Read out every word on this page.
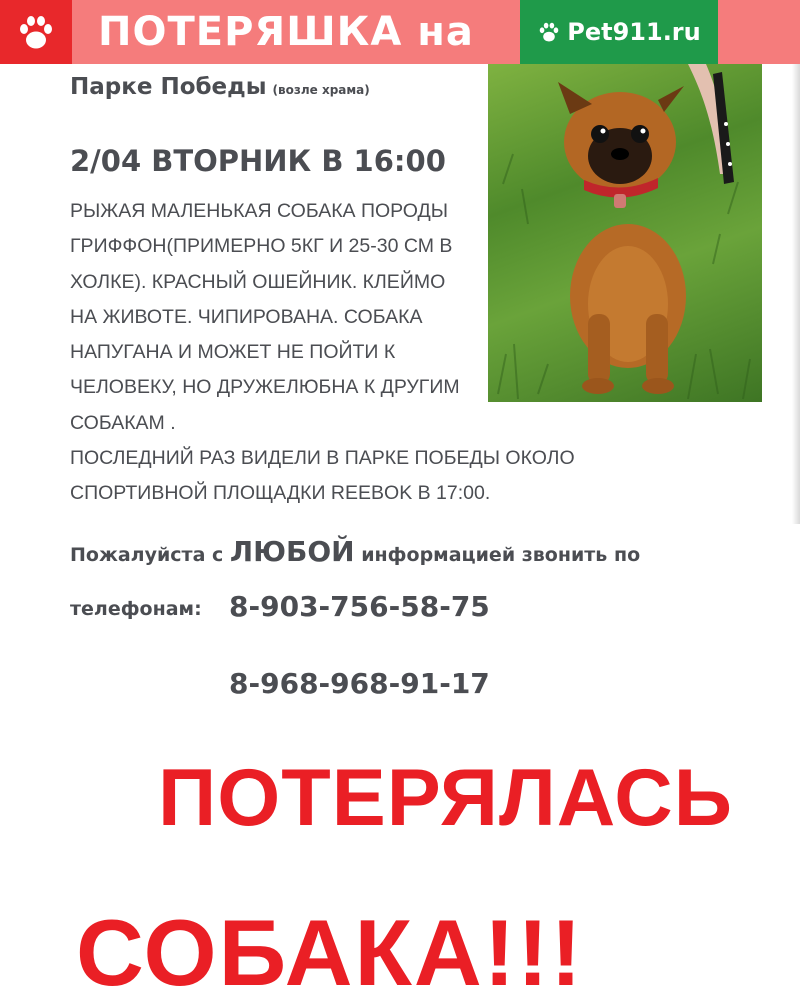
ПОТЕРЯШКА на	Pet911.ru
Парке Победы (возле храма)
2/04 ВТОРНИК В 16:00
РЫЖАЯ МАЛЕНЬКАЯ СОБАКА ПОРОДЫ
ГРИФФОН(ПРИМЕРНО 5КГ И 25-30 СМ В
ХОЛКЕ). КРАСНЫЙ ОШЕЙНИК. КЛЕЙМО
НА ЖИВОТЕ. ЧИПИРОВАНА. СОБАКА
НАПУГАНА И МОЖЕТ НЕ ПОЙТИ К
ЧЕЛОВЕКУ, НО ДРУЖЕЛЮБНА К ДРУГИМ
СОБАКАМ .
ПОСЛЕДНИЙ РАЗ ВИДЕЛИ В ПАРКЕ ПОБЕДЫ ОКОЛО
СПОРТИВНОЙ ПЛОЩАДКИ REEBOK В 17:00.
Пожалуйста с ЛЮБОЙ информацией звонить по
телефонам: 8-903-756-58-75
8-968-968-91-17
ПОТЕРЯЛАСЬ
СОБАКА!!!
